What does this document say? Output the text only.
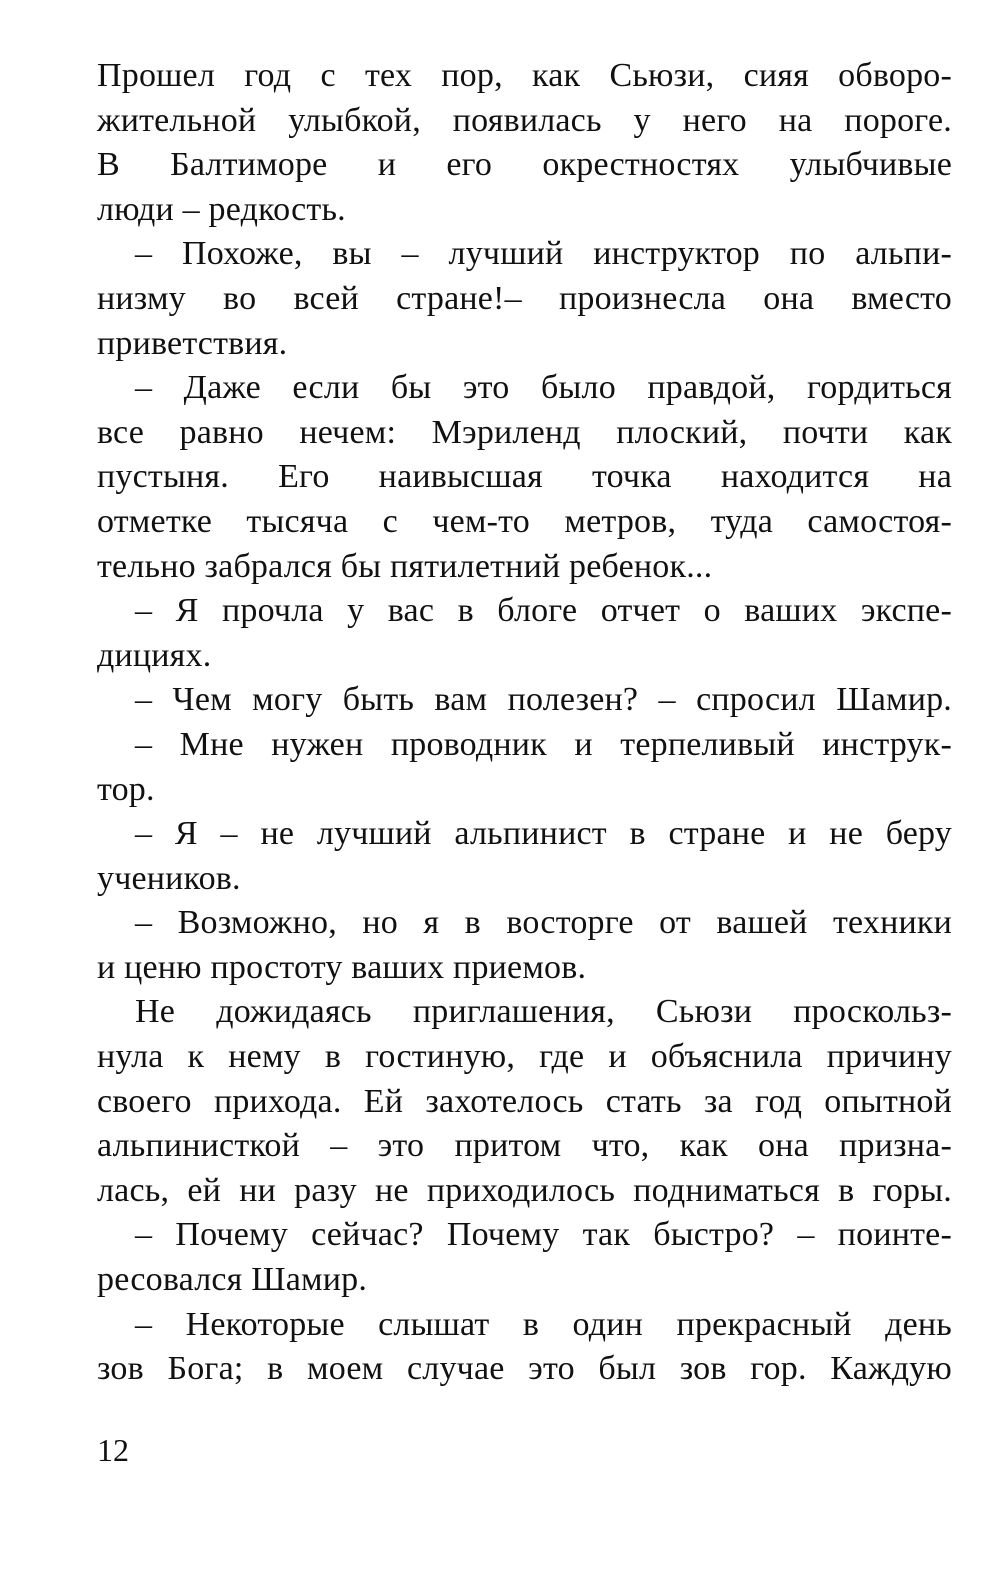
Прошел год с тех пор, как Сьюзи, сияя обворо-
жительной улыбкой, появилась у него на пороге.
В Балтиморе и его окрестностях улыбчивые
люди – редкость.
– Похоже, вы – лучший инструктор по альпи-
низму во всей стране!– произнесла она вместо
приветствия.
– Даже если бы это было правдой, гордиться
все равно нечем: Мэриленд плоский, почти как
пустыня. Его наивысшая точка находится на
отметке тысяча с чем-то метров, туда самостоя-
тельно забрался бы пятилетний ребенок...
– Я прочла у вас в блоге отчет о ваших экспе-
дициях.
– Чем могу быть вам полезен? – спросил Шамир.
– Мне нужен проводник и терпеливый инструк-
тор.
– Я – не лучший альпинист в стране и не беру
учеников.
– Возможно, но я в восторге от вашей техники
и ценю простоту ваших приемов.
Не дожидаясь приглашения, Сьюзи проскольз-
нула к нему в гостиную, где и объяснила причину
своего прихода. Ей захотелось стать за год опытной
альпинисткой – это притом что, как она призна-
лась, ей ни разу не приходилось подниматься в горы.
– Почему сейчас? Почему так быстро? – поинте-
ресовался Шамир.
– Некоторые слышат в один прекрасный день
зов Бога; в моем случае это был зов гор. Каждую
12
